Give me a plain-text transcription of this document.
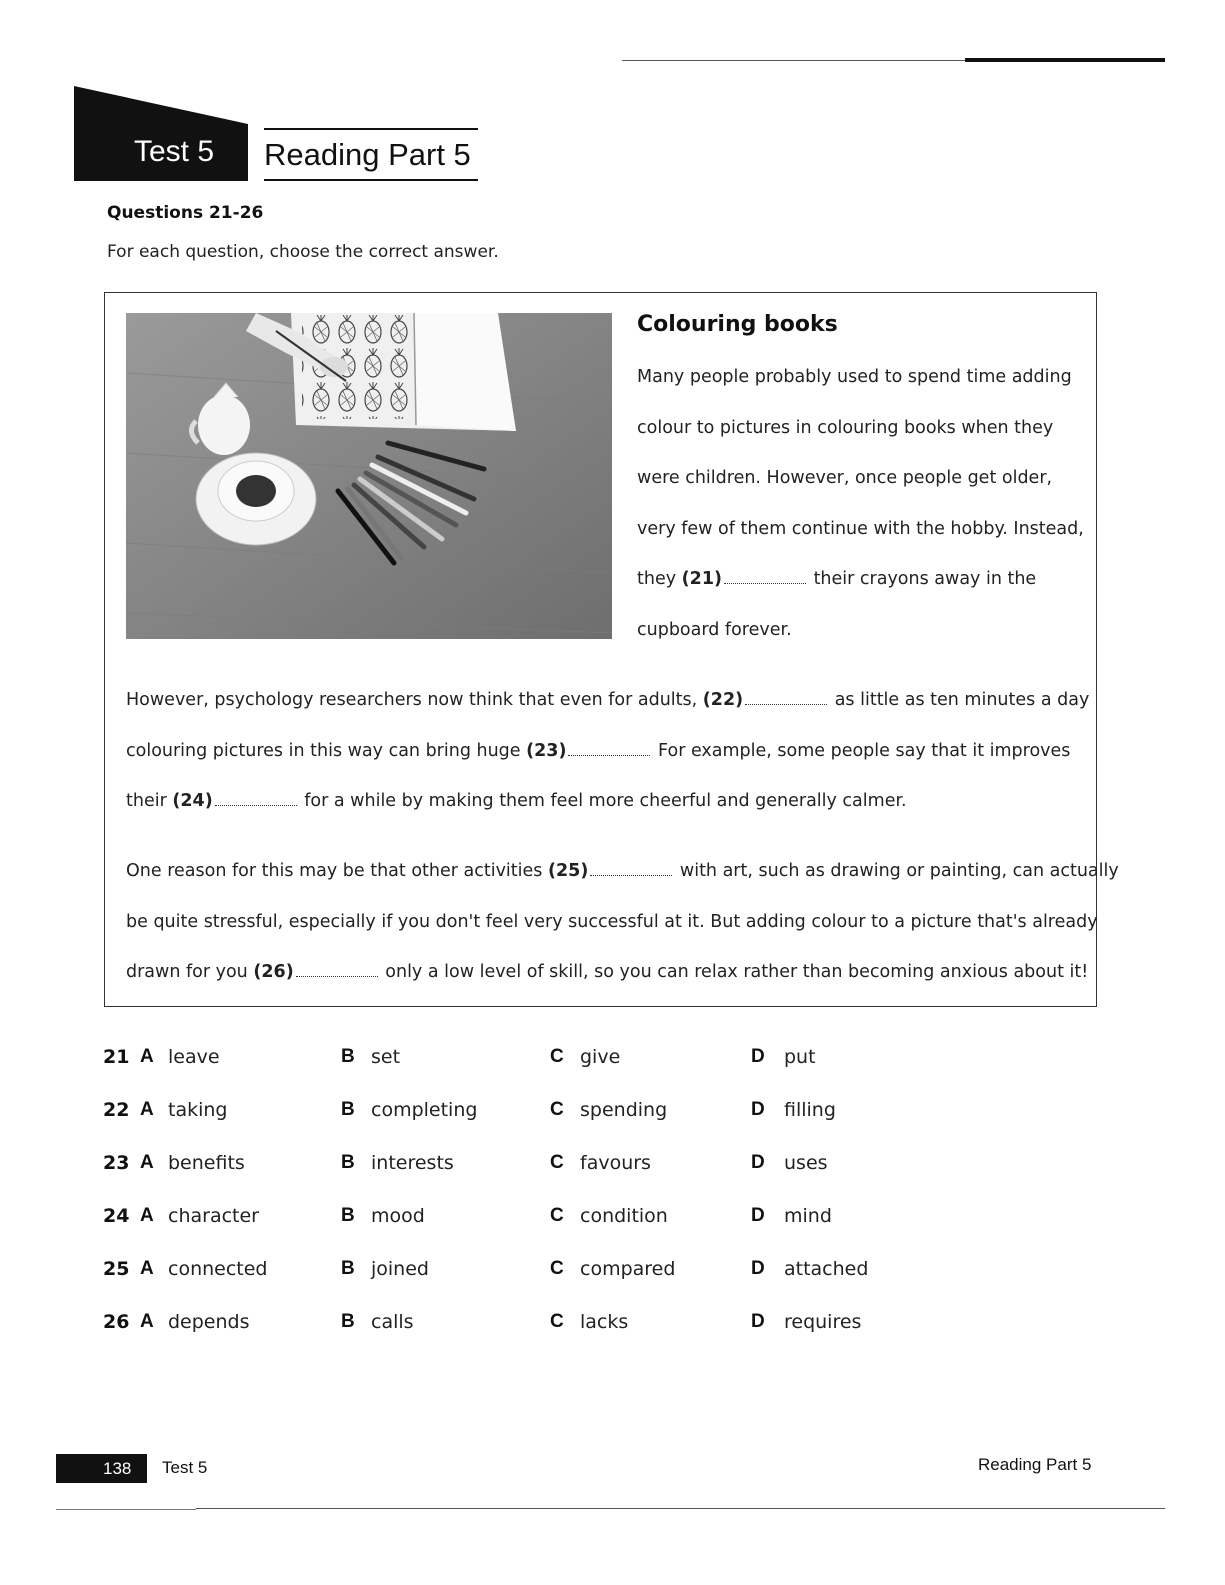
Test 5	Reading Part 5
Questions 21-26
For each question, choose the correct answer.
Colouring books
Many people probably used to spend time adding
colour to pictures in colouring books when they
were children. However, once people get older,
very few of them continue with the hobby. Instead,
they (21)	their crayons away in the
cupboard forever.
However, psychology researchers now think that even for adults, (22)	as little as ten minutes a day
colouring pictures in this way can bring huge (23)	For example, some people say that it improves
their (24)	for a while by making them feel more cheerful and generally calmer.
One reason for this may be that other activities (25)	with art, such as drawing or painting, can actually
be quite stressful, especially if you don't feel very successful at it. But adding colour to a picture that's already
drawn for you (26)	only a low level of skill, so you can relax rather than becoming anxious about it!
21 A leave	B set	C give	D put
22 A taking	B completing	C spending	D filling
23 A benefits	B interests	C favours	D uses
24 A character	B mood	C condition	D mind
25 A connected	B joined	C compared	D attached
26 A depends	B calls	C lacks	D requires
138	Test 5	Reading Part 5
